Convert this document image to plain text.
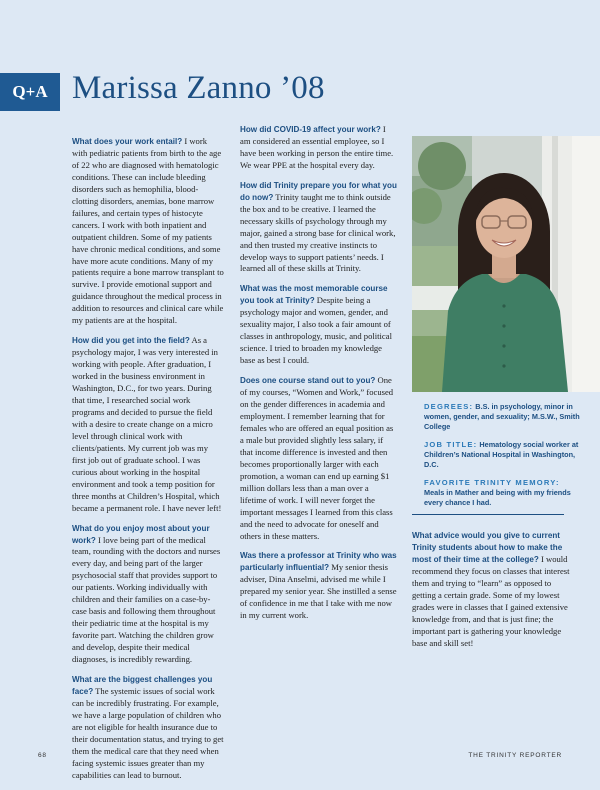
Q+A Marissa Zanno ’08
What does your work entail? I work with pediatric patients from birth to the age of 22 who are diagnosed with hematologic conditions. These can include bleeding disorders such as hemophilia, blood-clotting disorders, anemias, bone marrow failures, and certain types of histocyte cancers. I work with both inpatient and outpatient children. Some of my patients have chronic medical conditions, and some have more acute conditions. Many of my patients require a bone marrow transplant to survive. I provide emotional support and guidance throughout the medical process in addition to resources and clinical care while my patients are at the hospital.
How did you get into the field? As a psychology major, I was very interested in working with people. After graduation, I worked in the business environment in Washington, D.C., for two years. During that time, I researched social work programs and decided to pursue the field with a desire to create change on a micro level through clinical work with clients/patients. My current job was my first job out of graduate school. I was curious about working in the hospital environment and took a temp position for three months at Children’s Hospital, which became a permanent role. I have never left!
What do you enjoy most about your work? I love being part of the medical team, rounding with the doctors and nurses every day, and being part of the larger psychosocial staff that provides support to our patients. Working individually with children and their families on a case-by-case basis and following them throughout their pediatric time at the hospital is my favorite part. Watching the children grow and develop, despite their medical diagnoses, is incredibly rewarding.
What are the biggest challenges you face? The systemic issues of social work can be incredibly frustrating. For example, we have a large population of children who are not eligible for health insurance due to their documentation status, and trying to get them the medical care that they need when facing systemic issues greater than my capabilities can lead to burnout.
How did COVID-19 affect your work? I am considered an essential employee, so I have been working in person the entire time. We wear PPE at the hospital every day.
How did Trinity prepare you for what you do now? Trinity taught me to think outside the box and to be creative. I learned the necessary skills of psychology through my major, gained a strong base for clinical work, and then trusted my creative instincts to develop ways to support patients’ needs. I learned all of these skills at Trinity.
What was the most memorable course you took at Trinity? Despite being a psychology major and women, gender, and sexuality major, I also took a fair amount of classes in anthropology, music, and political science. I tried to broaden my knowledge base as best I could.
Does one course stand out to you? One of my courses, “Women and Work,” focused on the gender differences in academia and employment. I remember learning that for females who are offered an equal position as a male but provided slightly less salary, if that income difference is invested and then becomes proportionally larger with each promotion, a woman can end up earning $1 million dollars less than a man over a lifetime of work. I will never forget the important messages I learned from this class and the need to advocate for oneself and others in these matters.
Was there a professor at Trinity who was particularly influential? My senior thesis adviser, Dina Anselmi, advised me while I prepared my senior year. She instilled a sense of confidence in me that I take with me now in my current work.
DEGREES: B.S. in psychology, minor in women, gender, and sexuality; M.S.W., Smith College
JOB TITLE: Hematology social worker at Children’s National Hospital in Washington, D.C.
FAVORITE TRINITY MEMORY:
Meals in Mather and being with my friends every chance I had.
What advice would you give to current Trinity students about how to make the most of their time at the college? I would recommend they focus on classes that interest them and trying to “learn” as opposed to getting a certain grade. Some of my lowest grades were in classes that I gained extensive knowledge from, and that is just fine; the important part is gathering your knowledge base and skill set!
68	THE TRINITY REPORTER
